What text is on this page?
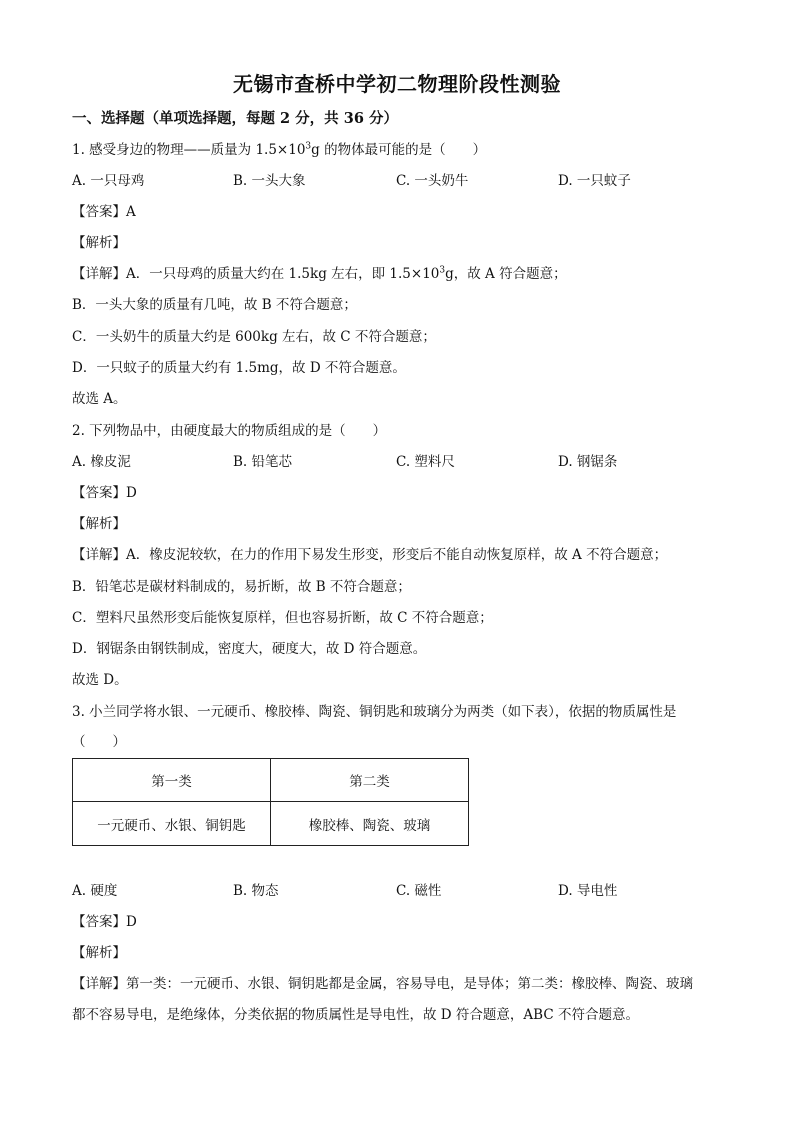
无锡市查桥中学初二物理阶段性测验
一、选择题（单项选择题，每题 2 分，共 36 分）
1. 感受身边的物理——质量为 $1.5\times 10^3g$ 的物体最可能的是（　　）
A. 一只母鸡	B. 一头大象	C. 一头奶牛	D. 一只蚊子
【答案】A
【解析】
【详解】A．一只母鸡的质量大约在 1.5kg 左右，即 $1.5\times 10^3g$，故 A 符合题意；
B．一头大象的质量有几吨，故 B 不符合题意；
C．一头奶牛的质量大约是 600kg 左右，故 C 不符合题意；
D．一只蚊子的质量大约有 1.5mg，故 D 不符合题意。
故选 A。
2. 下列物品中，由硬度最大的物质组成的是（　　）
A. 橡皮泥	B. 铅笔芯	C. 塑料尺	D. 钢锯条
【答案】D
【解析】
【详解】A．橡皮泥较软，在力的作用下易发生形变，形变后不能自动恢复原样，故 A 不符合题意；
B．铅笔芯是碳材料制成的，易折断，故 B 不符合题意；
C．塑料尺虽然形变后能恢复原样，但也容易折断，故 C 不符合题意；
D．钢锯条由钢铁制成，密度大，硬度大，故 D 符合题意。
故选 D。
3. 小兰同学将水银、一元硬币、橡胶棒、陶瓷、铜钥匙和玻璃分为两类（如下表），依据的物质属性是
（　　）
第一类	第二类
一元硬币、水银、铜钥匙	橡胶棒、陶瓷、玻璃
A. 硬度	B. 物态	C. 磁性	D. 导电性
【答案】D
【解析】
【详解】第一类：一元硬币、水银、铜钥匙都是金属，容易导电，是导体；第二类：橡胶棒、陶瓷、玻璃
都不容易导电，是绝缘体，分类依据的物质属性是导电性，故 D 符合题意，ABC 不符合题意。
